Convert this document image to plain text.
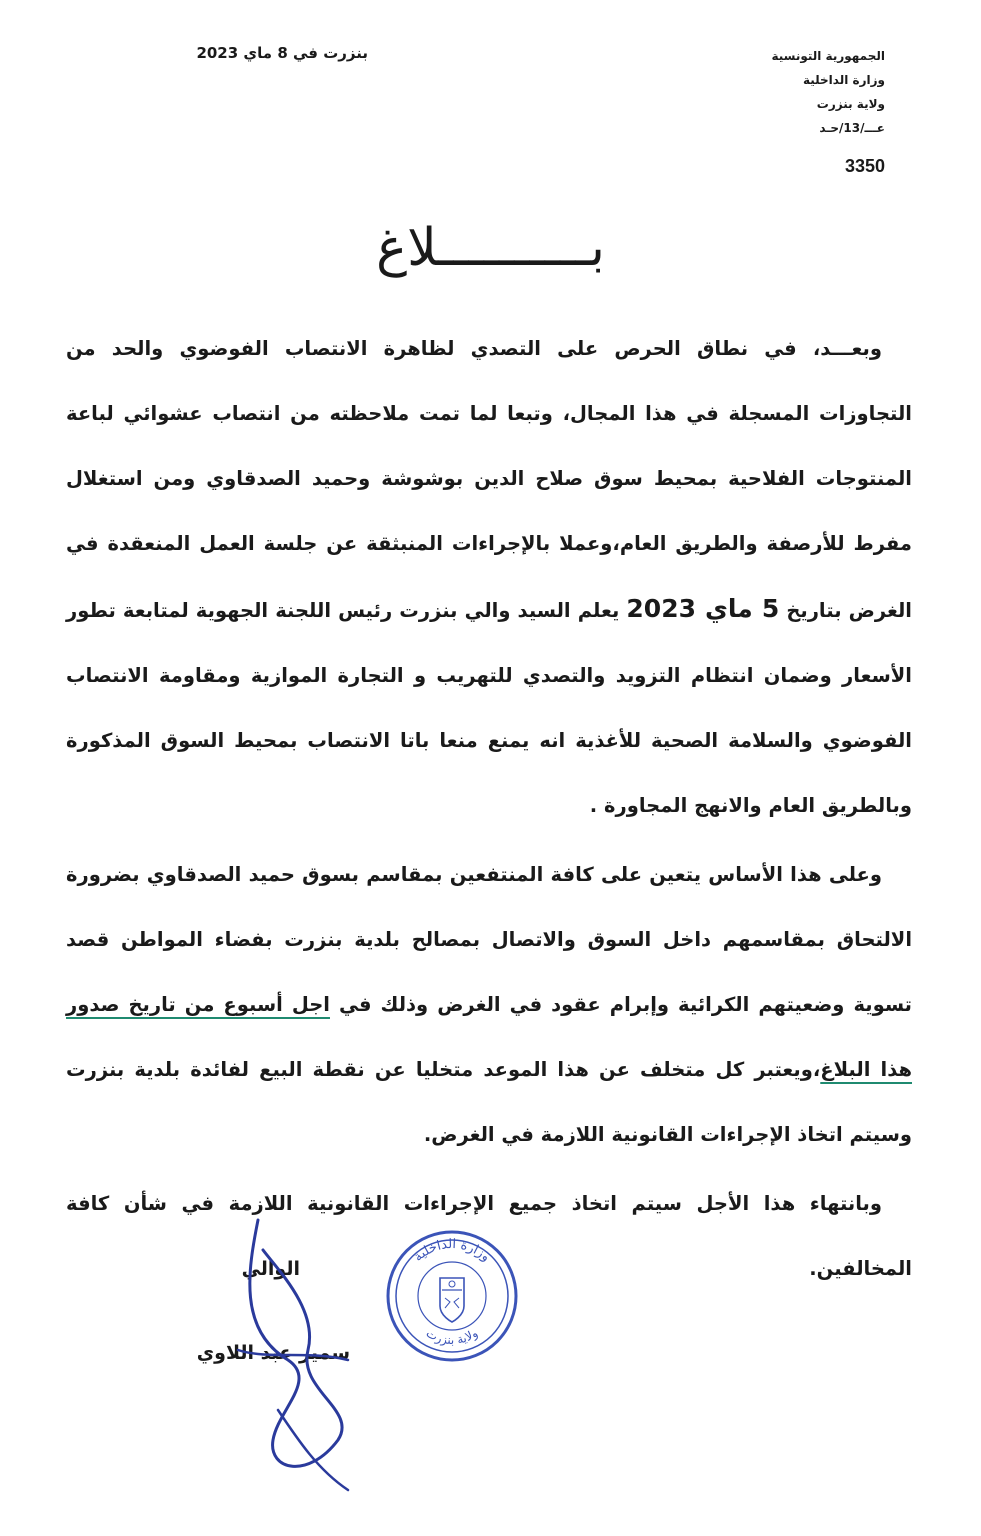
الجمهورية التونسية
وزارة الداخلية
ولاية بنزرت
عـــ/13/حـد
3350
بنزرت في 8 ماي 2023
بــــــــــلاغ

وبعـــد، في نطاق الحرص على التصدي لظاهرة الانتصاب الفوضوي والحد من التجاوزات المسجلة في هذا المجال، وتبعا لما تمت ملاحظته من انتصاب عشوائي لباعة المنتوجات الفلاحية بمحيط سوق صلاح الدين بوشوشة وحميد الصدقاوي ومن استغلال مفرط للأرصفة والطريق العام،وعملا بالإجراءات المنبثقة عن جلسة العمل المنعقدة في الغرض بتاريخ 5 ماي 2023 يعلم السيد والي بنزرت رئيس اللجنة الجهوية لمتابعة تطور الأسعار وضمان انتظام التزويد والتصدي للتهريب و التجارة الموازية ومقاومة الانتصاب الفوضوي والسلامة الصحية للأغذية انه يمنع منعا باتا الانتصاب بمحيط السوق المذكورة وبالطريق العام والانهج المجاورة .

وعلى هذا الأساس يتعين على كافة المنتفعين بمقاسم بسوق حميد الصدقاوي بضرورة الالتحاق بمقاسمهم داخل السوق والاتصال بمصالح بلدية بنزرت بفضاء المواطن قصد تسوية وضعيتهم الكرائية وإبرام عقود في الغرض وذلك في اجل أسبوع من تاريخ صدور هذا البلاغ،ويعتبر كل متخلف عن هذا الموعد متخليا عن نقطة البيع لفائدة بلدية بنزرت وسيتم اتخاذ الإجراءات القانونية اللازمة في الغرض.

وبانتهاء هذا الأجل سيتم اتخاذ جميع الإجراءات القانونية اللازمة في شأن كافة المخالفين.

الوالي
سمير عبد اللاوي
وزارة الداخلية
ولاية بنزرت
